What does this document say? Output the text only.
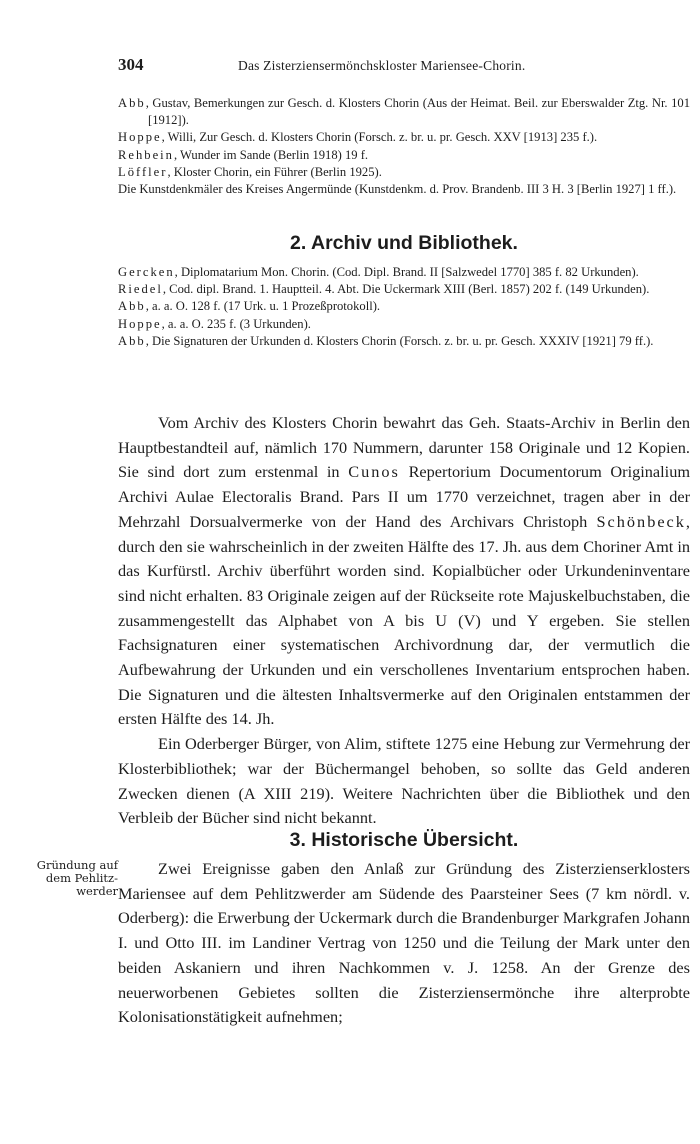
304	Das Zisterziensermönchskloster Mariensee-Chorin.

Abb, Gustav, Bemerkungen zur Gesch. d. Klosters Chorin (Aus der Heimat. Beil. zur Eberswalder Ztg. Nr. 101 [1912]).

Hoppe, Willi, Zur Gesch. d. Klosters Chorin (Forsch. z. br. u. pr. Gesch. XXV [1913] 235 f.).

Rehbein, Wunder im Sande (Berlin 1918) 19 f.

Löffler, Kloster Chorin, ein Führer (Berlin 1925).

Die Kunstdenkmäler des Kreises Angermünde (Kunstdenkm. d. Prov. Brandenb. III 3 H. 3 [Berlin 1927] 1 ff.).

2. Archiv und Bibliothek.

Gercken, Diplomatarium Mon. Chorin. (Cod. Dipl. Brand. II [Salzwedel 1770] 385 f. 82 Urkunden).

Riedel, Cod. dipl. Brand. 1. Hauptteil. 4. Abt. Die Uckermark XIII (Berl. 1857) 202 f. (149 Urkunden).

Abb, a. a. O. 128 f. (17 Urk. u. 1 Prozeßprotokoll).

Hoppe, a. a. O. 235 f. (3 Urkunden).

Abb, Die Signaturen der Urkunden d. Klosters Chorin (Forsch. z. br. u. pr. Gesch. XXXIV [1921] 79 ff.).

Vom Archiv des Klosters Chorin bewahrt das Geh. Staats-Archiv in Berlin den Hauptbestandteil auf, nämlich 170 Nummern, darunter 158 Originale und 12 Kopien. Sie sind dort zum erstenmal in Cunos Repertorium Documentorum Originalium Archivi Aulae Electoralis Brand. Pars II um 1770 verzeichnet, tragen aber in der Mehrzahl Dorsualvermerke von der Hand des Archivars Christoph Schönbeck, durch den sie wahrscheinlich in der zweiten Hälfte des 17. Jh. aus dem Choriner Amt in das Kurfürstl. Archiv überführt worden sind. Kopialbücher oder Urkundeninventare sind nicht erhalten. 83 Originale zeigen auf der Rückseite rote Majuskelbuchstaben, die zusammengestellt das Alphabet von A bis U (V) und Y ergeben. Sie stellen Fachsignaturen einer systematischen Archivordnung dar, der vermutlich die Aufbewahrung der Urkunden und ein verschollenes Inventarium entsprochen haben. Die Signaturen und die ältesten Inhaltsvermerke auf den Originalen entstammen der ersten Hälfte des 14. Jh.

Ein Oderberger Bürger, von Alim, stiftete 1275 eine Hebung zur Vermehrung der Klosterbibliothek; war der Büchermangel behoben, so sollte das Geld anderen Zwecken dienen (A XIII 219). Weitere Nachrichten über die Bibliothek und den Verbleib der Bücher sind nicht bekannt.

3. Historische Übersicht.
Gründung auf
dem Pehlitz-
werder

Zwei Ereignisse gaben den Anlaß zur Gründung des Zisterzienserklosters Mariensee auf dem Pehlitzwerder am Südende des Paarsteiner Sees (7 km nördl. v. Oderberg): die Erwerbung der Uckermark durch die Brandenburger Markgrafen Johann I. und Otto III. im Landiner Vertrag von 1250 und die Teilung der Mark unter den beiden Askaniern und ihren Nachkommen v. J. 1258. An der Grenze des neuerworbenen Gebietes sollten die Zisterziensermönche ihre alterprobte Kolonisationstätigkeit aufnehmen;
